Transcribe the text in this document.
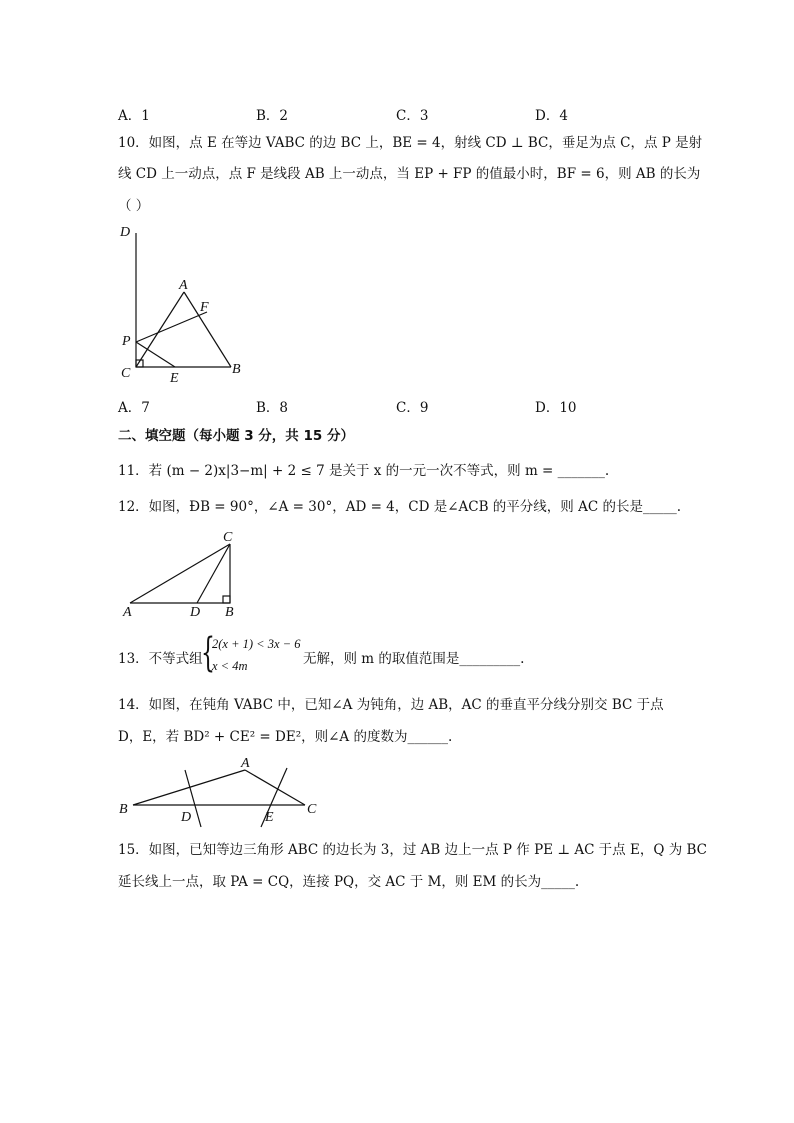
A．1	B．2	C．3	D．4
10．如图，点 E 在等边 VABC 的边 BC 上，BE = 4，射线 CD ⊥ BC，垂足为点 C，点 P 是射
线 CD 上一动点，点 F 是线段 AB 上一动点，当 EP + FP 的值最小时，BF = 6，则 AB 的长为
（ ）
D
A
F
P
C	E
B
A．7	B．8	C．9	D．10
二、填空题（每小题 3 分，共 15 分）
11．若 (m − 2)x|3−m| + 2 ≤ 7 是关于 x 的一元一次不等式，则 m = _______.
12．如图，ÐB = 90°，∠A = 30°，AD = 4，CD 是∠ACB 的平分线，则 AC 的长是_____.
C
A	D B
13．不等式组
{
2(x + 1) < 3x − 6
x < 4m	无解，则 m 的取值范围是_________.
14．如图，在钝角 VABC 中，已知∠A 为钝角，边 AB，AC 的垂直平分线分别交 BC 于点
D，E，若 BD² + CE² = DE²，则∠A 的度数为______.
A
B	C
D	E
15．如图，已知等边三角形 ABC 的边长为 3，过 AB 边上一点 P 作 PE ⊥ AC 于点 E，Q 为 BC
延长线上一点，取 PA = CQ，连接 PQ，交 AC 于 M，则 EM 的长为_____.
